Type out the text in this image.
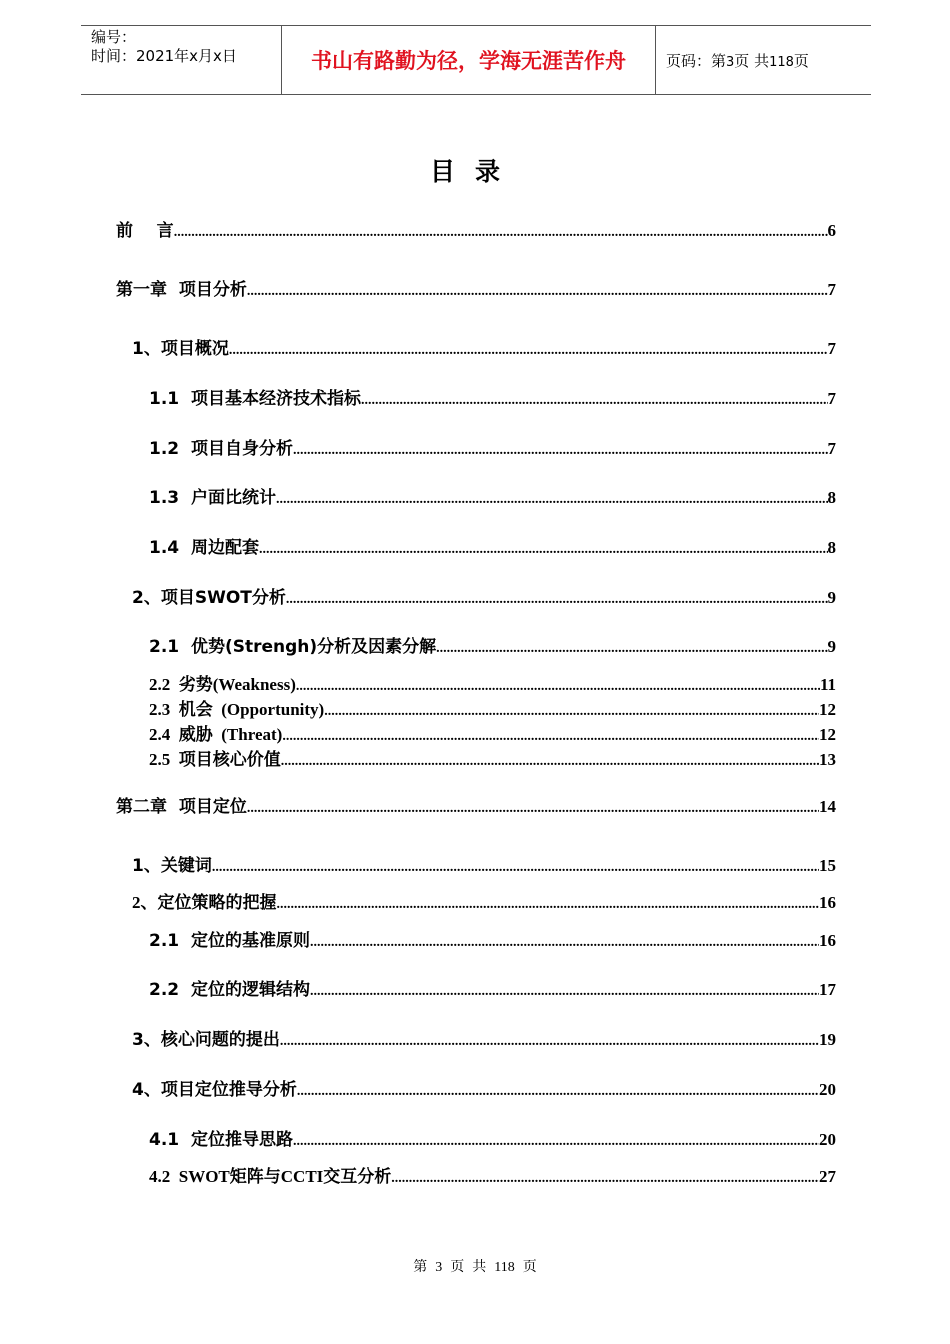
编号：
时间：2021年x月x日	书山有路勤为径，学海无涯苦作舟	页码：第3页 共118页
目录
前    言 .....	6
第一章  项目分析 .....	7
1、项目概况 .....	7
1.1  项目基本经济技术指标 .....	7
1.2  项目自身分析 .....	7
1.3  户面比统计 .....	8
1.4  周边配套 .....	8
2、项目SWOT分析 .....	9
2.1  优势(Strengh)分析及因素分解 .....	9
2.2  劣势(Weakness) .....	11
2.3  机会  (Opportunity) .....	12
2.4  威胁  (Threat) .....	12
2.5  项目核心价值 .....	13
第二章  项目定位 .....	14
1、关键词 .....	15
2、定位策略的把握 .....	16
2.1  定位的基准原则 .....	16
2.2  定位的逻辑结构 .....	17
3、核心问题的提出 .....	19
4、项目定位推导分析 .....	20
4.1  定位推导思路 .....	20
4.2  SWOT矩阵与CCTI交互分析 .....	27
第 3 页 共 118 页
